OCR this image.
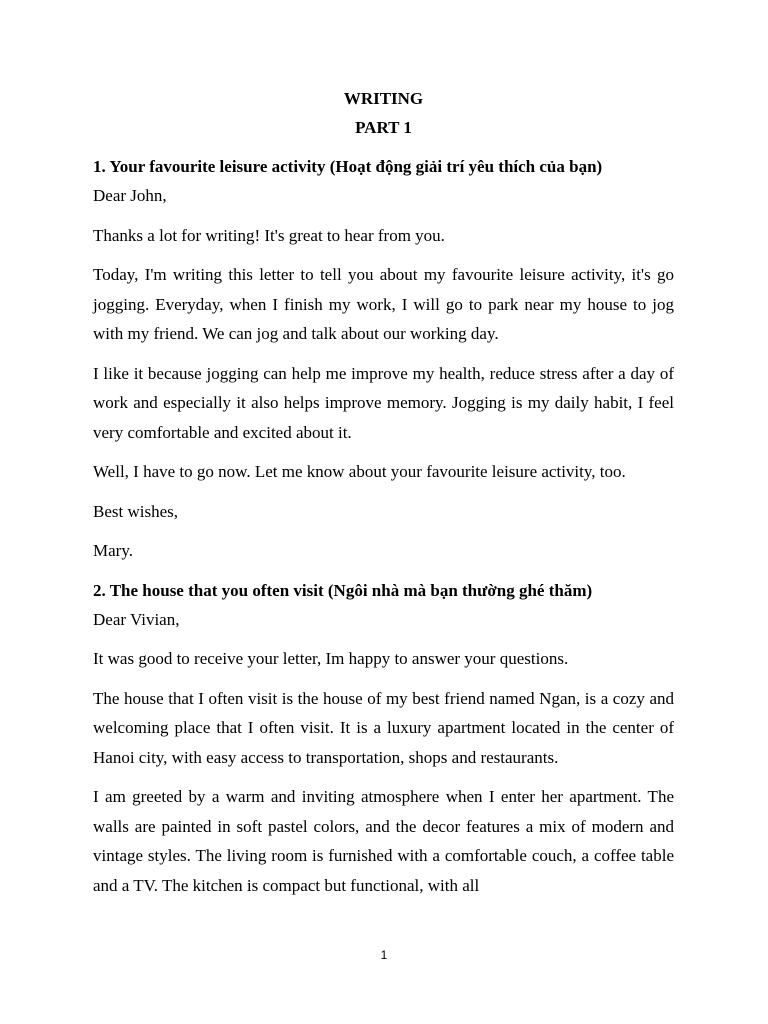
WRITING

PART 1

1. Your favourite leisure activity (Hoạt động giải trí yêu thích của bạn)

Dear John,

Thanks a lot for writing! It's great to hear from you.

Today, I'm writing this letter to tell you about my favourite leisure activity, it's go jogging. Everyday, when I finish my work, I will go to park near my house to jog with my friend. We can jog and talk about our working day.

I like it because jogging can help me improve my health, reduce stress after a day of work and especially it also helps improve memory. Jogging is my daily habit, I feel very comfortable and excited about it.

Well, I have to go now. Let me know about your favourite leisure activity, too.

Best wishes,

Mary.

2. The house that you often visit (Ngôi nhà mà bạn thường ghé thăm)

Dear Vivian,

It was good to receive your letter, Im happy to answer your questions.

The house that I often visit is the house of my best friend named Ngan, is a cozy and welcoming place that I often visit. It is a luxury apartment located in the center of Hanoi city, with easy access to transportation, shops and restaurants.

I am greeted by a warm and inviting atmosphere when I enter her apartment. The walls are painted in soft pastel colors, and the decor features a mix of modern and vintage styles. The living room is furnished with a comfortable couch, a coffee table and a TV. The kitchen is compact but functional, with all

1
